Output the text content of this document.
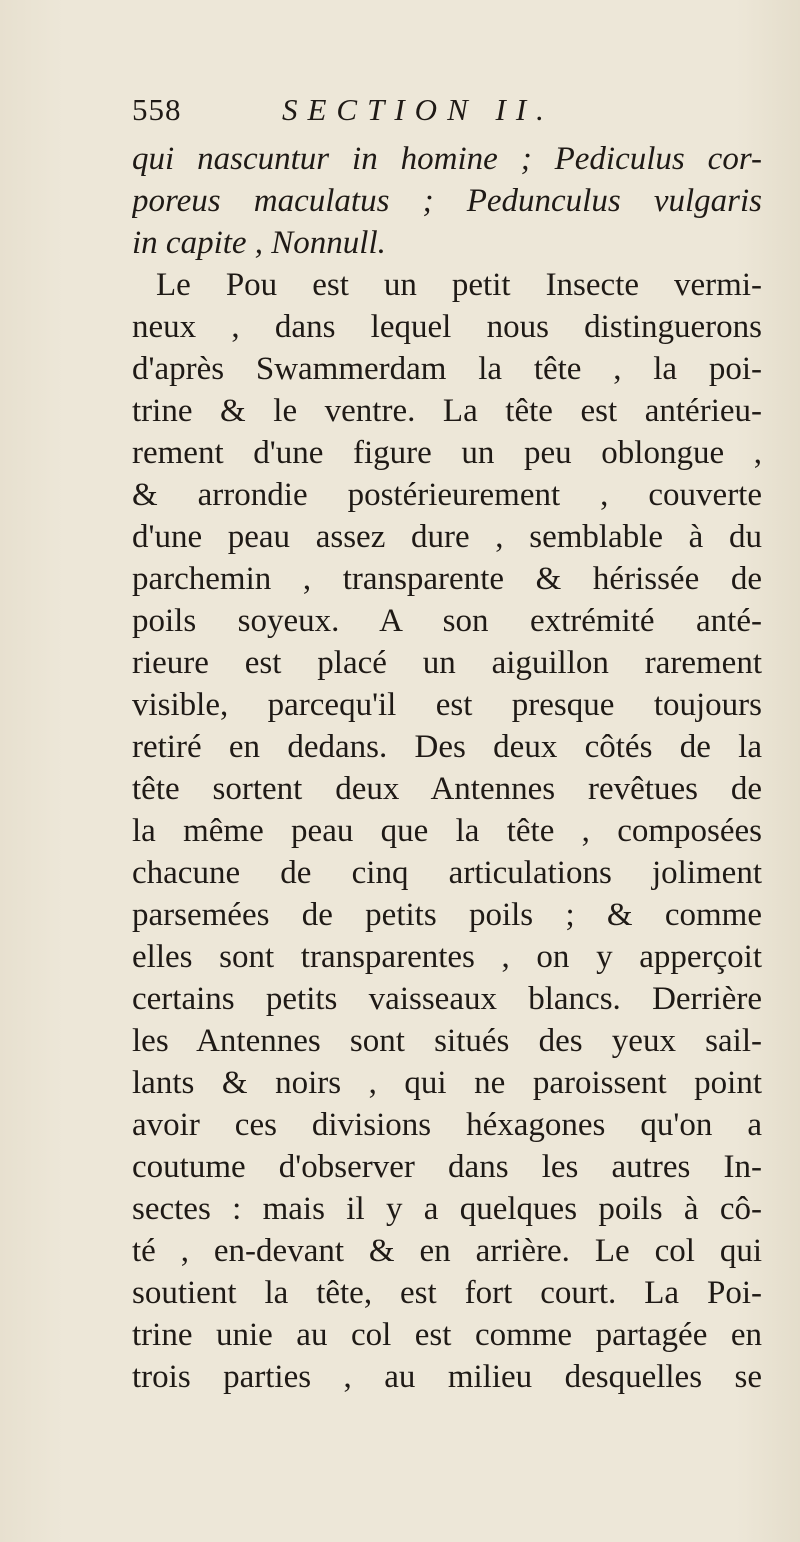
558	SECTION II.
qui nascuntur in homine ; Pediculus cor-
poreus maculatus ; Pedunculus vulgaris
in capite , Nonnull.
Le Pou est un petit Insecte vermi-
neux , dans lequel nous distinguerons
d'après Swammerdam la tête , la poi-
trine & le ventre. La tête est antérieu-
rement d'une figure un peu oblongue ,
& arrondie postérieurement , couverte
d'une peau assez dure , semblable à du
parchemin , transparente & hérissée de
poils soyeux. A son extrémité anté-
rieure est placé un aiguillon rarement
visible, parcequ'il est presque toujours
retiré en dedans. Des deux côtés de la
tête sortent deux Antennes revêtues de
la même peau que la tête , composées
chacune de cinq articulations joliment
parsemées de petits poils ; & comme
elles sont transparentes , on y apperçoit
certains petits vaisseaux blancs. Derrière
les Antennes sont situés des yeux sail-
lants & noirs , qui ne paroissent point
avoir ces divisions héxagones qu'on a
coutume d'observer dans les autres In-
sectes : mais il y a quelques poils à cô-
té , en-devant & en arrière. Le col qui
soutient la tête, est fort court. La Poi-
trine unie au col est comme partagée en
trois parties , au milieu desquelles se
